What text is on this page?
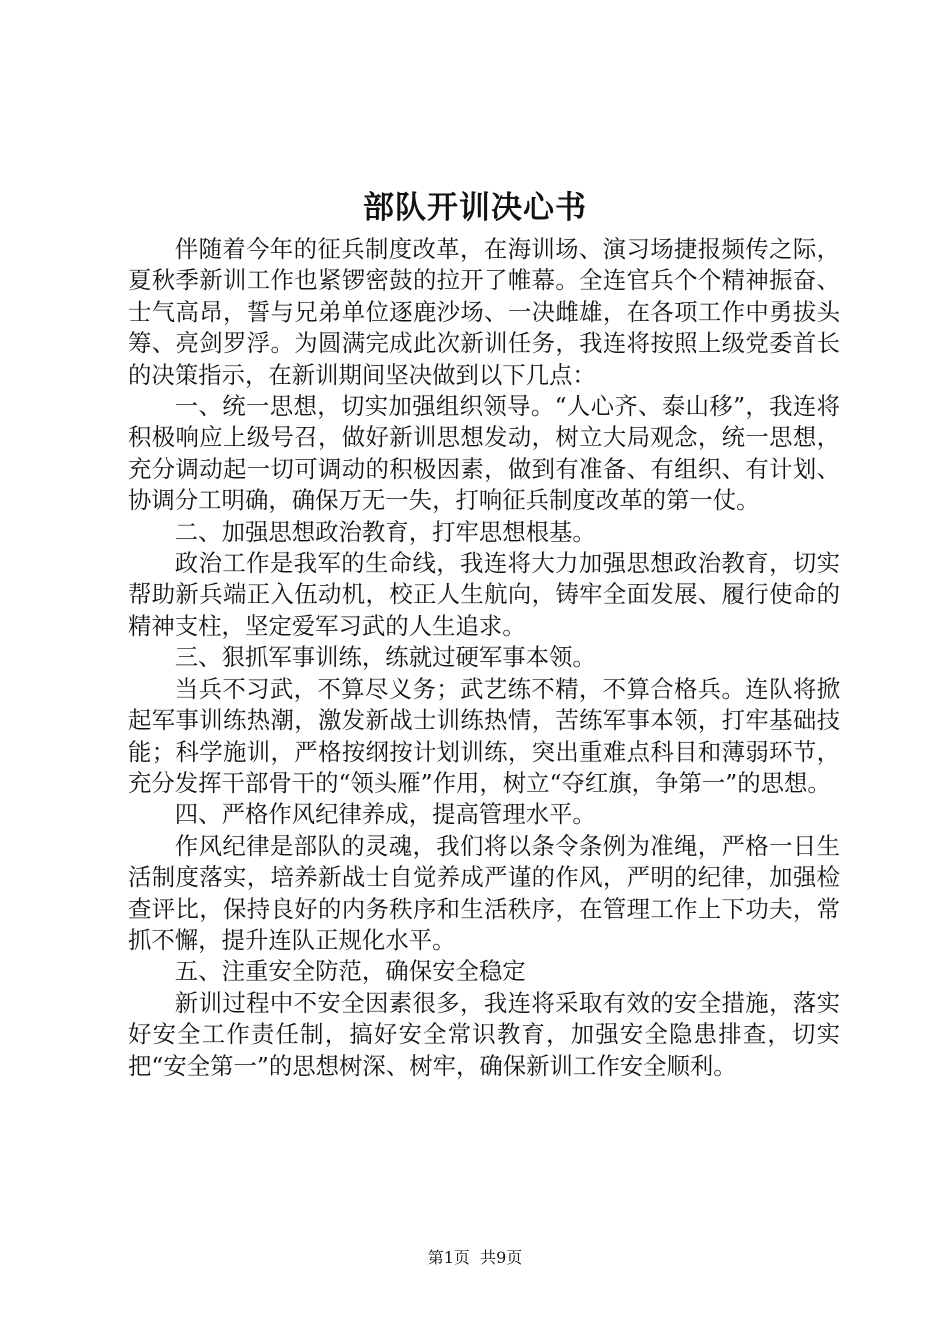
部队开训决心书

伴随着今年的征兵制度改革，在海训场、演习场捷报频传之际，夏秋季新训工作也紧锣密鼓的拉开了帷幕。全连官兵个个精神振奋、士气高昂，誓与兄弟单位逐鹿沙场、一决雌雄，在各项工作中勇拔头筹、亮剑罗浮。为圆满完成此次新训任务，我连将按照上级党委首长的决策指示，在新训期间坚决做到以下几点：

一、统一思想，切实加强组织领导。“人心齐、泰山移”，我连将积极响应上级号召，做好新训思想发动，树立大局观念，统一思想，充分调动起一切可调动的积极因素，做到有准备、有组织、有计划、协调分工明确，确保万无一失，打响征兵制度改革的第一仗。

二、加强思想政治教育，打牢思想根基。

政治工作是我军的生命线，我连将大力加强思想政治教育，切实帮助新兵端正入伍动机，校正人生航向，铸牢全面发展、履行使命的精神支柱，坚定爱军习武的人生追求。

三、狠抓军事训练，练就过硬军事本领。

当兵不习武，不算尽义务；武艺练不精，不算合格兵。连队将掀起军事训练热潮，激发新战士训练热情，苦练军事本领，打牢基础技能；科学施训，严格按纲按计划训练，突出重难点科目和薄弱环节，充分发挥干部骨干的“领头雁”作用，树立“夺红旗，争第一”的思想。

四、严格作风纪律养成，提高管理水平。

作风纪律是部队的灵魂，我们将以条令条例为准绳，严格一日生活制度落实，培养新战士自觉养成严谨的作风，严明的纪律，加强检查评比，保持良好的内务秩序和生活秩序，在管理工作上下功夫，常抓不懈，提升连队正规化水平。

五、注重安全防范，确保安全稳定

新训过程中不安全因素很多，我连将采取有效的安全措施，落实好安全工作责任制，搞好安全常识教育，加强安全隐患排查，切实把“安全第一”的思想树深、树牢，确保新训工作安全顺利。

第1页 共9页
